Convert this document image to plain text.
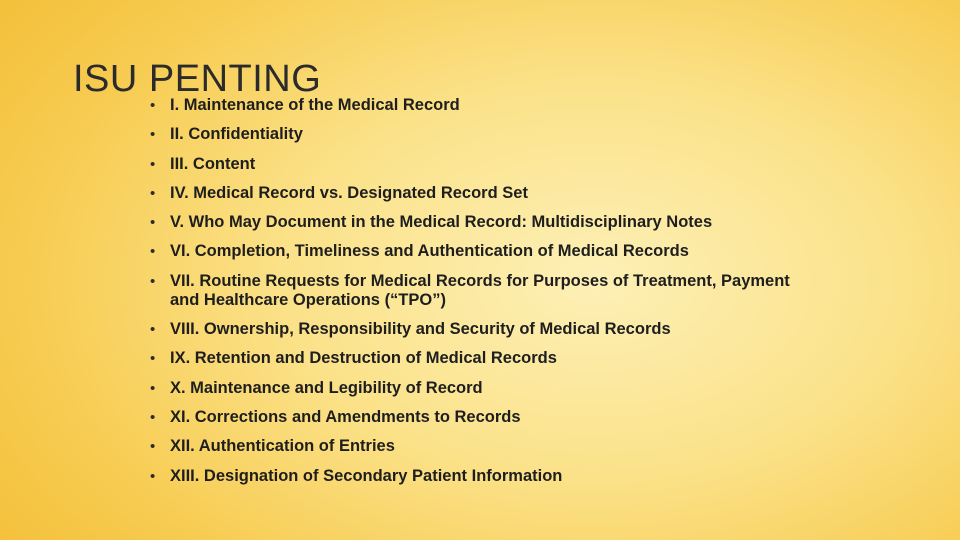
ISU PENTING
• I. Maintenance of the Medical Record
• II. Confidentiality
• III. Content
• IV. Medical Record vs. Designated Record Set
• V. Who May Document in the Medical Record: Multidisciplinary Notes
• VI. Completion, Timeliness and Authentication of Medical Records
• VII. Routine Requests for Medical Records for Purposes of Treatment, Payment and Healthcare Operations (“TPO”)
• VIII. Ownership, Responsibility and Security of Medical Records
• IX. Retention and Destruction of Medical Records
• X. Maintenance and Legibility of Record
• XI. Corrections and Amendments to Records
• XII. Authentication of Entries
• XIII. Designation of Secondary Patient Information
